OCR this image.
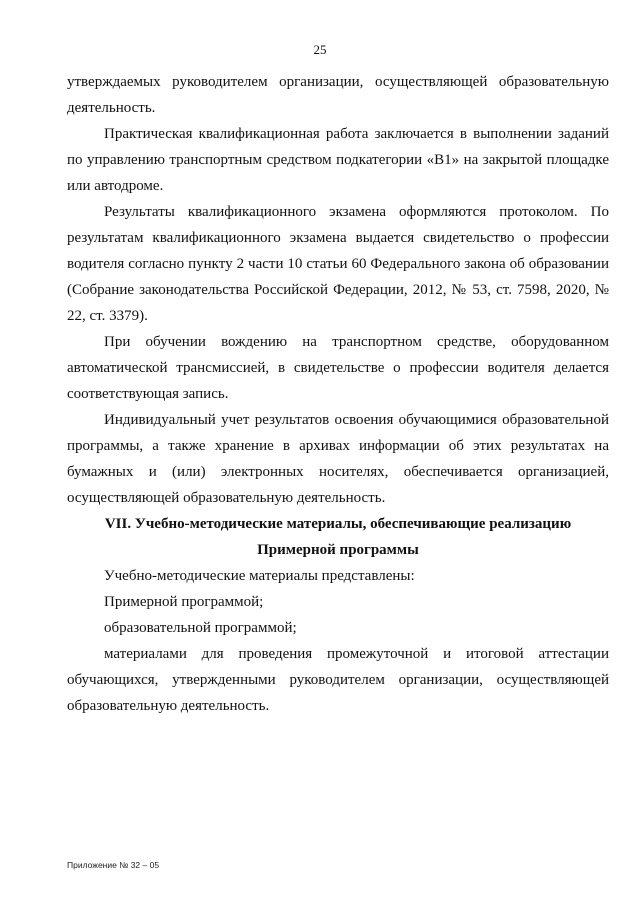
25

утверждаемых руководителем организации, осуществляющей образовательную деятельность.

Практическая квалификационная работа заключается в выполнении заданий по управлению транспортным средством подкатегории «B1» на закрытой площадке или автодроме.

Результаты квалификационного экзамена оформляются протоколом. По результатам квалификационного экзамена выдается свидетельство о профессии водителя согласно пункту 2 части 10 статьи 60 Федерального закона об образовании (Собрание законодательства Российской Федерации, 2012, № 53, ст. 7598, 2020, № 22, ст. 3379).

При обучении вождению на транспортном средстве, оборудованном автоматической трансмиссией, в свидетельстве о профессии водителя делается соответствующая запись.

Индивидуальный учет результатов освоения обучающимися образовательной программы, а также хранение в архивах информации об этих результатах на бумажных и (или) электронных носителях, обеспечивается организацией, осуществляющей образовательную деятельность.

VII. Учебно-методические материалы, обеспечивающие реализацию

Примерной программы

Учебно-методические материалы представлены:

Примерной программой;

образовательной программой;

материалами для проведения промежуточной и итоговой аттестации обучающихся, утвержденными руководителем организации, осуществляющей образовательную деятельность.

Приложение № 32 – 05
